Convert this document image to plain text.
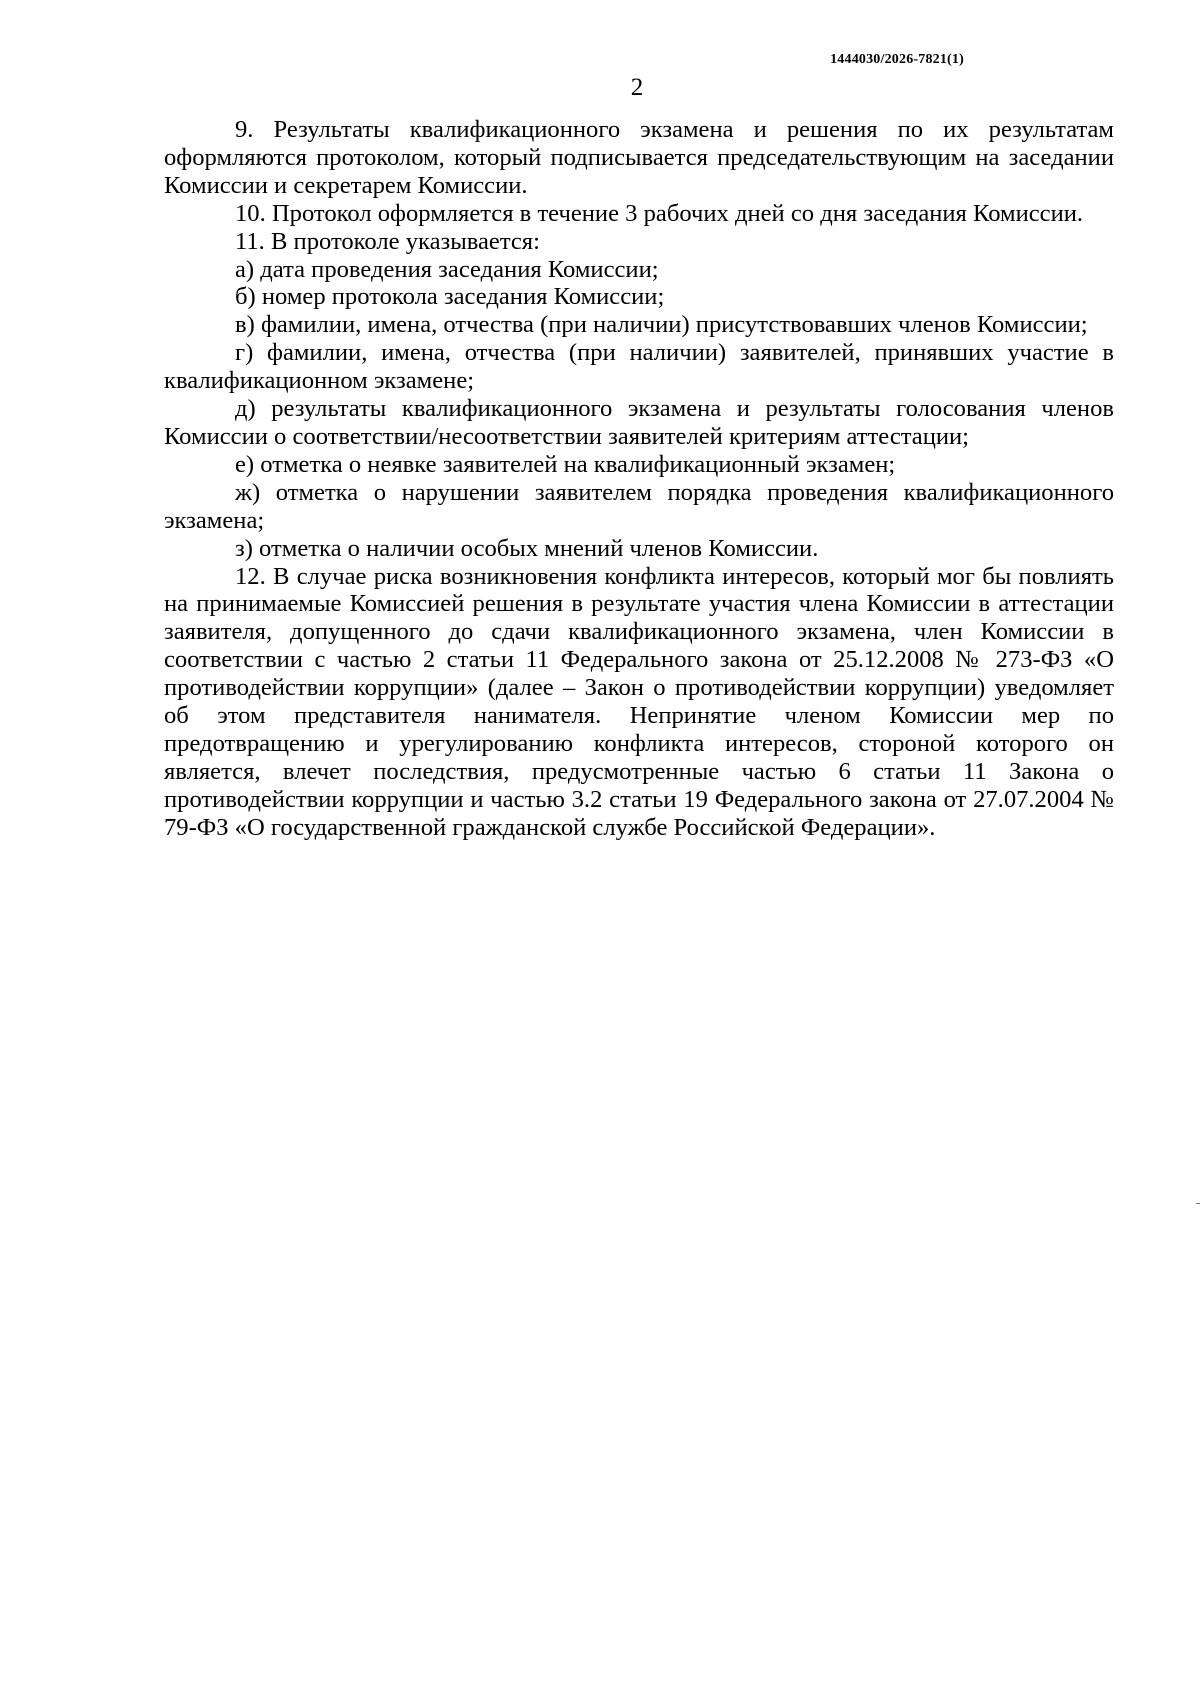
1444030/2026-7821(1)
2

9. Результаты квалификационного экзамена и решения по их результатам оформляются протоколом, который подписывается председательствующим на заседании Комиссии и секретарем Комиссии.

10. Протокол оформляется в течение 3 рабочих дней со дня заседания Комиссии.

11. В протоколе указывается:

а) дата проведения заседания Комиссии;

б) номер протокола заседания Комиссии;

в) фамилии, имена, отчества (при наличии) присутствовавших членов Комиссии;

г) фамилии, имена, отчества (при наличии) заявителей, принявших участие в квалификационном экзамене;

д) результаты квалификационного экзамена и результаты голосования членов Комиссии о соответствии/несоответствии заявителей критериям аттестации;

е) отметка о неявке заявителей на квалификационный экзамен;

ж) отметка о нарушении заявителем порядка проведения квалификационного экзамена;

з) отметка о наличии особых мнений членов Комиссии.

12. В случае риска возникновения конфликта интересов, который мог бы повлиять на принимаемые Комиссией решения в результате участия члена Комиссии в аттестации заявителя, допущенного до сдачи квалификационного экзамена, член Комиссии в соответствии с частью 2 статьи 11 Федерального закона от 25.12.2008 № 273-ФЗ «О противодействии коррупции» (далее – Закон о противодействии коррупции) уведомляет об этом представителя нанимателя. Непринятие членом Комиссии мер по предотвращению и урегулированию конфликта интересов, стороной которого он является, влечет последствия, предусмотренные частью 6 статьи 11 Закона о противодействии коррупции и частью 3.2 статьи 19 Федерального закона от 27.07.2004 № 79-ФЗ «О государственной гражданской службе Российской Федерации».
